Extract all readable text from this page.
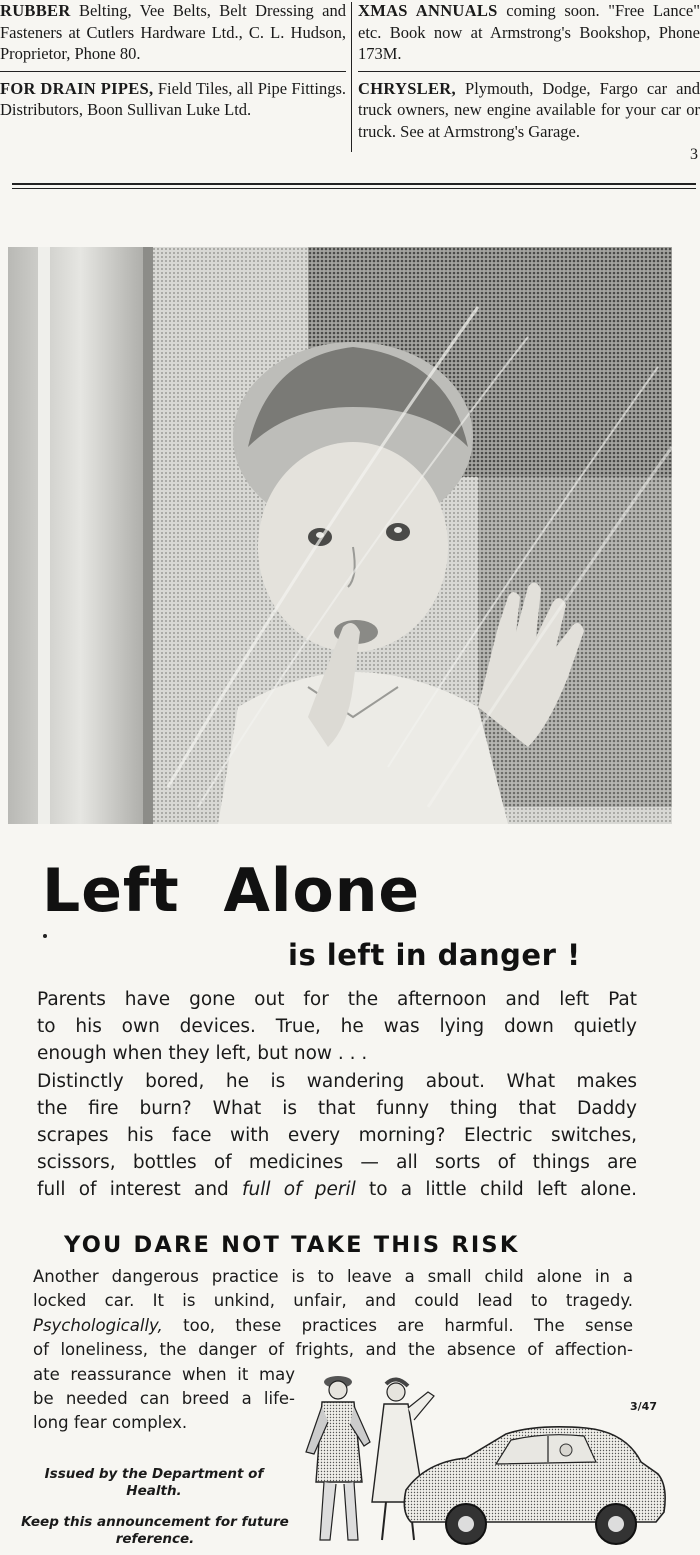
RUBBER Belting, Vee Belts, Belt Dressing and Fasteners at Cutlers Hardware Ltd., C. L. Hudson, Proprietor, Phone 80.

FOR DRAIN PIPES, Field Tiles, all Pipe Fittings. Distributors, Boon Sullivan Luke Ltd.

XMAS ANNUALS coming soon. "Free Lance" etc. Book now at Armstrong's Bookshop, Phone 173M.

CHRYSLER, Plymouth, Dodge, Fargo car and truck owners, new engine available for your car or truck. See at Armstrong's Garage.

3
Left  Alone
is left in danger !
Parents have gone out for the afternoon and left Pat
to his own devices. True, he was lying down quietly
enough when they left, but now . . .
Distinctly bored, he is wandering about. What makes
the fire burn? What is that funny thing that Daddy
scrapes his face with every morning? Electric switches,
scissors, bottles of medicines — all sorts of things are
full of interest and full of peril to a little child left alone.
YOU DARE NOT TAKE THIS RISK
Another dangerous practice is to leave a small child alone in a
locked car. It is unkind, unfair, and could lead to tragedy.
Psychologically, too, these practices are harmful. The sense
of loneliness, the danger of frights, and the absence of affection-
ate reassurance when it may
be needed can breed a life-
long fear complex.
3/47
Issued by the Department of Health.
Keep this announcement for future reference.
